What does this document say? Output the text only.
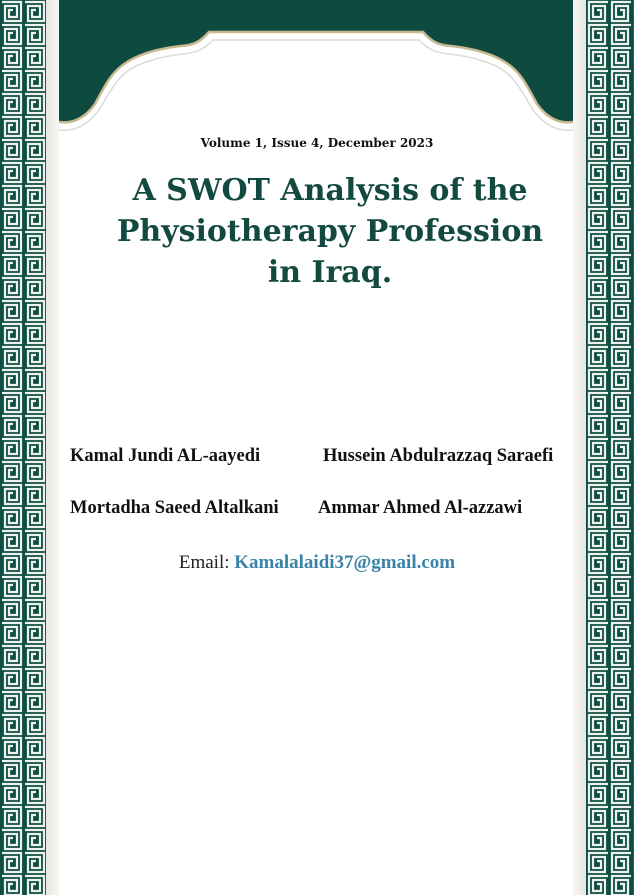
Volume 1, Issue 4, December 2023
A SWOT Analysis of the Physiotherapy Profession in Iraq.
Kamal Jundi AL-aayedi	Hussein Abdulrazzaq Saraefi
Mortadha Saeed Altalkani Ammar Ahmed Al-azzawi
Email: Kamalalaidi37@gmail.com
